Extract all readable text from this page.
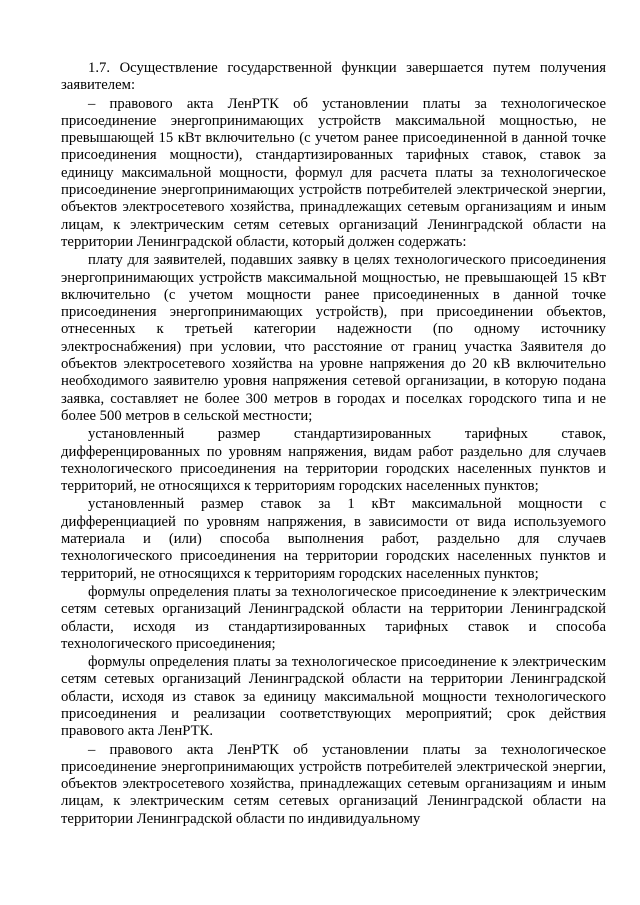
1.7. Осуществление государственной функции завершается путем получения заявителем:

– правового акта ЛенРТК об установлении платы за технологическое присоединение энергопринимающих устройств максимальной мощностью, не превышающей 15 кВт включительно (с учетом ранее присоединенной в данной точке присоединения мощности), стандартизированных тарифных ставок, ставок за единицу максимальной мощности, формул для расчета платы за технологическое присоединение энергопринимающих устройств потребителей электрической энергии, объектов электросетевого хозяйства, принадлежащих сетевым организациям и иным лицам, к электрическим сетям сетевых организаций Ленинградской области на территории Ленинградской области, который должен содержать:

плату для заявителей, подавших заявку в целях технологического присоединения энергопринимающих устройств максимальной мощностью, не превышающей 15 кВт включительно (с учетом мощности ранее присоединенных в данной точке присоединения энергопринимающих устройств), при присоединении объектов, отнесенных к третьей категории надежности (по одному источнику электроснабжения) при условии, что расстояние от границ участка Заявителя до объектов электросетевого хозяйства на уровне напряжения до 20 кВ включительно необходимого заявителю уровня напряжения сетевой организации, в которую подана заявка, составляет не более 300 метров в городах и поселках городского типа и не более 500 метров в сельской местности;

установленный размер стандартизированных тарифных ставок, дифференцированных по уровням напряжения, видам работ раздельно для случаев технологического присоединения на территории городских населенных пунктов и территорий, не относящихся к территориям городских населенных пунктов;

установленный размер ставок за 1 кВт максимальной мощности с дифференциацией по уровням напряжения, в зависимости от вида используемого материала и (или) способа выполнения работ, раздельно для случаев технологического присоединения на территории городских населенных пунктов и территорий, не относящихся к территориям городских населенных пунктов;

формулы определения платы за технологическое присоединение к электрическим сетям сетевых организаций Ленинградской области на территории Ленинградской области, исходя из стандартизированных тарифных ставок и способа технологического присоединения;

формулы определения платы за технологическое присоединение к электрическим сетям сетевых организаций Ленинградской области на территории Ленинградской области, исходя из ставок за единицу максимальной мощности технологического присоединения и реализации соответствующих мероприятий; срок действия правового акта ЛенРТК.

– правового акта ЛенРТК об установлении платы за технологическое присоединение энергопринимающих устройств потребителей электрической энергии, объектов электросетевого хозяйства, принадлежащих сетевым организациям и иным лицам, к электрическим сетям сетевых организаций Ленинградской области на территории Ленинградской области по индивидуальному
